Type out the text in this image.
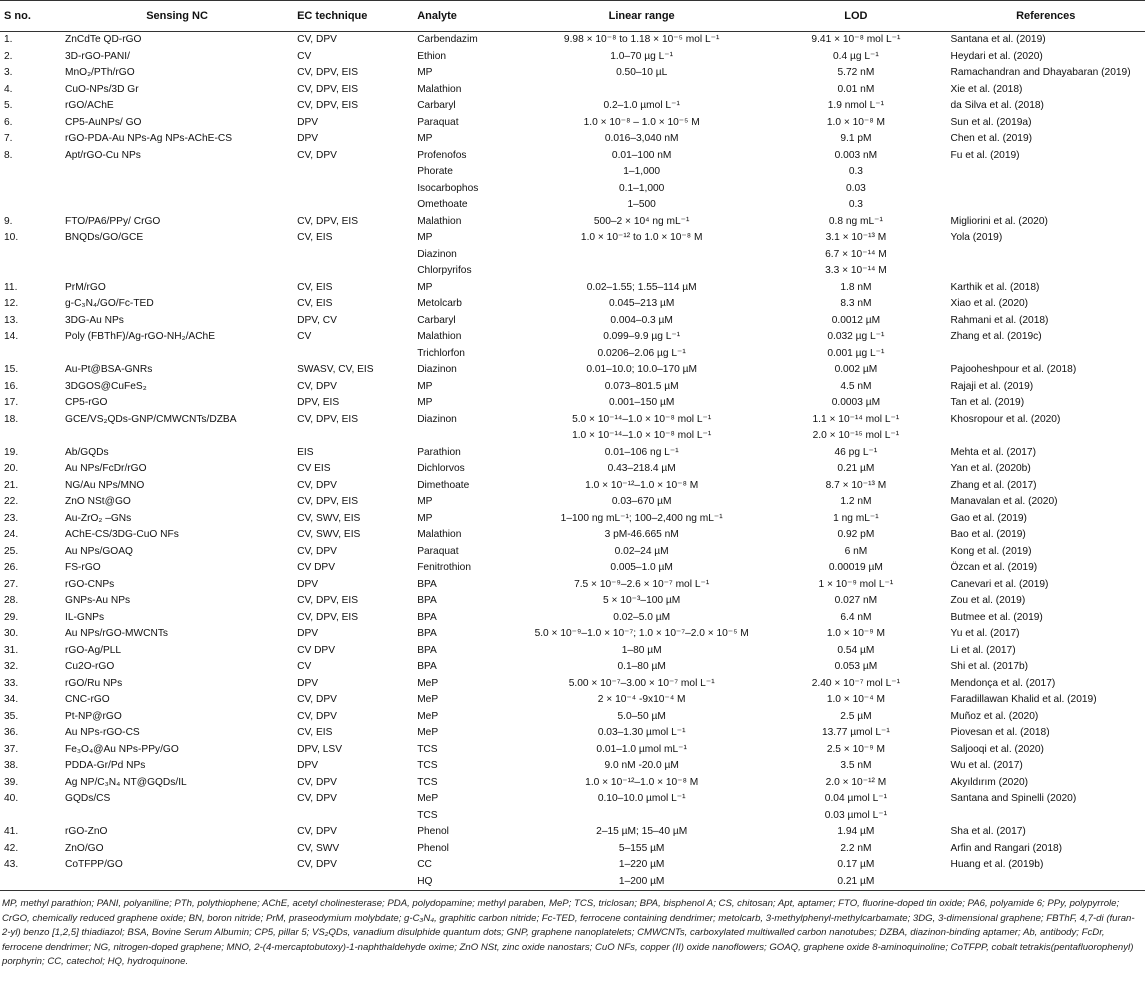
S no.	Sensing NC	EC technique	Analyte	Linear range	LOD	References
1.	ZnCdTe QD-rGO	CV, DPV	Carbendazim	9.98 × 10⁻⁸ to 1.18 × 10⁻⁵ mol L⁻¹	9.41 × 10⁻⁸ mol L⁻¹	Santana et al. (2019)
2.	3D-rGO-PANI/	CV	Ethion	1.0–70 µg L⁻¹	0.4 µg L⁻¹	Heydari et al. (2020)
3.	MnO₂/PTh/rGO	CV, DPV, EIS	MP	0.50–10 µL	5.72 nM	Ramachandran and Dhayabaran (2019)
4.	CuO-NPs/3D Gr	CV, DPV, EIS	Malathion		0.01 nM	Xie et al. (2018)
5.	rGO/AChE	CV, DPV, EIS	Carbaryl	0.2–1.0 µmol L⁻¹	1.9 nmol L⁻¹	da Silva et al. (2018)
6.	CP5-AuNPs/ GO	DPV	Paraquat	1.0 × 10⁻⁸ – 1.0 × 10⁻⁵ M	1.0 × 10⁻⁸ M	Sun et al. (2019a)
7.	rGO-PDA-Au NPs-Ag NPs-AChE-CS	DPV	MP	0.016–3,040 nM	9.1 pM	Chen et al. (2019)
8.	Apt/rGO-Cu NPs	CV, DPV	Profenofos	0.01–100 nM	0.003 nM	Fu et al. (2019)
			Phorate	1–1,000	0.3	
			Isocarbophos	0.1–1,000	0.03	
			Omethoate	1–500	0.3	
9.	FTO/PA6/PPy/ CrGO	CV, DPV, EIS	Malathion	500–2 × 10⁴ ng mL⁻¹	0.8 ng mL⁻¹	Migliorini et al. (2020)
10.	BNQDs/GO/GCE	CV, EIS	MP	1.0 × 10⁻¹² to 1.0 × 10⁻⁸ M	3.1 × 10⁻¹³ M	Yola (2019)
			Diazinon		6.7 × 10⁻¹⁴ M	
			Chlorpyrifos		3.3 × 10⁻¹⁴ M	
11.	PrM/rGO	CV, EIS	MP	0.02–1.55; 1.55–114 µM	1.8 nM	Karthik et al. (2018)
12.	g-C₃N₄/GO/Fc-TED	CV, EIS	Metolcarb	0.045–213 µM	8.3 nM	Xiao et al. (2020)
13.	3DG-Au NPs	DPV, CV	Carbaryl	0.004–0.3 µM	0.0012 µM	Rahmani et al. (2018)
14.	Poly (FBThF)/Ag-rGO-NH₂/AChE	CV	Malathion	0.099–9.9 µg L⁻¹	0.032 µg L⁻¹	Zhang et al. (2019c)
			Trichlorfon	0.0206–2.06 µg L⁻¹	0.001 µg L⁻¹	
15.	Au-Pt@BSA-GNRs	SWASV, CV, EIS	Diazinon	0.01–10.0; 10.0–170 µM	0.002 µM	Pajooheshpour et al. (2018)
16.	3DGOS@CuFeS₂	CV, DPV	MP	0.073–801.5 µM	4.5 nM	Rajaji et al. (2019)
17.	CP5-rGO	DPV, EIS	MP	0.001–150 µM	0.0003 µM	Tan et al. (2019)
18.	GCE/VS₂QDs-GNP/CMWCNTs/DZBA	CV, DPV, EIS	Diazinon	5.0 × 10⁻¹⁴–1.0 × 10⁻⁸ mol L⁻¹	1.1 × 10⁻¹⁴ mol L⁻¹	Khosropour et al. (2020)
				1.0 × 10⁻¹⁴–1.0 × 10⁻⁸ mol L⁻¹	2.0 × 10⁻¹⁵ mol L⁻¹	
19.	Ab/GQDs	EIS	Parathion	0.01–106 ng L⁻¹	46 pg L⁻¹	Mehta et al. (2017)
20.	Au NPs/FcDr/rGO	CV EIS	Dichlorvos	0.43–218.4 µM	0.21 µM	Yan et al. (2020b)
21.	NG/Au NPs/MNO	CV, DPV	Dimethoate	1.0 × 10⁻¹²–1.0 × 10⁻⁸ M	8.7 × 10⁻¹³ M	Zhang et al. (2017)
22.	ZnO NSt@GO	CV, DPV, EIS	MP	0.03–670 µM	1.2 nM	Manavalan et al. (2020)
23.	Au-ZrO₂ –GNs	CV, SWV, EIS	MP	1–100 ng mL⁻¹; 100–2,400 ng mL⁻¹	1 ng mL⁻¹	Gao et al. (2019)
24.	AChE-CS/3DG-CuO NFs	CV, SWV, EIS	Malathion	3 pM-46.665 nM	0.92 pM	Bao et al. (2019)
25.	Au NPs/GOAQ	CV, DPV	Paraquat	0.02–24 µM	6 nM	Kong et al. (2019)
26.	FS-rGO	CV DPV	Fenitrothion	0.005–1.0 µM	0.00019 µM	Özcan et al. (2019)
27.	rGO-CNPs	DPV	BPA	7.5 × 10⁻⁹–2.6 × 10⁻⁷ mol L⁻¹	1 × 10⁻⁹ mol L⁻¹	Canevari et al. (2019)
28.	GNPs-Au NPs	CV, DPV, EIS	BPA	5 × 10⁻³–100 µM	0.027 nM	Zou et al. (2019)
29.	IL-GNPs	CV, DPV, EIS	BPA	0.02–5.0 µM	6.4 nM	Butmee et al. (2019)
30.	Au NPs/rGO-MWCNTs	DPV	BPA	5.0 × 10⁻⁹–1.0 × 10⁻⁷; 1.0 × 10⁻⁷–2.0 × 10⁻⁵ M	1.0 × 10⁻⁹ M	Yu et al. (2017)
31.	rGO-Ag/PLL	CV DPV	BPA	1–80 µM	0.54 µM	Li et al. (2017)
32.	Cu2O-rGO	CV	BPA	0.1–80 µM	0.053 µM	Shi et al. (2017b)
33.	rGO/Ru NPs	DPV	MeP	5.00 × 10⁻⁷–3.00 × 10⁻⁷ mol L⁻¹	2.40 × 10⁻⁷ mol L⁻¹	Mendonça et al. (2017)
34.	CNC-rGO	CV, DPV	MeP	2 × 10⁻⁴ -9x10⁻⁴ M	1.0 × 10⁻⁴ M	Faradillawan Khalid et al. (2019)
35.	Pt-NP@rGO	CV, DPV	MeP	5.0–50 µM	2.5 µM	Muñoz et al. (2020)
36.	Au NPs-rGO-CS	CV, EIS	MeP	0.03–1.30 µmol L⁻¹	13.77 µmol L⁻¹	Piovesan et al. (2018)
37.	Fe₃O₄@Au NPs-PPy/GO	DPV, LSV	TCS	0.01–1.0 µmol mL⁻¹	2.5 × 10⁻⁹ M	Saljooqi et al. (2020)
38.	PDDA-Gr/Pd NPs	DPV	TCS	9.0 nM -20.0 µM	3.5 nM	Wu et al. (2017)
39.	Ag NP/C₃N₄ NT@GQDs/IL	CV, DPV	TCS	1.0 × 10⁻¹²–1.0 × 10⁻⁸ M	2.0 × 10⁻¹² M	Akyıldırım (2020)
40.	GQDs/CS	CV, DPV	MeP	0.10–10.0 µmol L⁻¹	0.04 µmol L⁻¹	Santana and Spinelli (2020)
			TCS		0.03 µmol L⁻¹	
41.	rGO-ZnO	CV, DPV	Phenol	2–15 µM; 15–40 µM	1.94 µM	Sha et al. (2017)
42.	ZnO/GO	CV, SWV	Phenol	5–155 µM	2.2 nM	Arfin and Rangari (2018)
43.	CoTFPP/GO	CV, DPV	CC	1–220 µM	0.17 µM	Huang et al. (2019b)
			HQ	1–200 µM	0.21 µM	
MP, methyl parathion; PANI, polyaniline; PTh, polythiophene; AChE, acetyl cholinesterase; PDA, polydopamine; methyl paraben, MeP; TCS, triclosan; BPA, bisphenol A; CS, chitosan; Apt, aptamer; FTO, fluorine-doped tin oxide; PA6, polyamide 6; PPy, polypyrrole; CrGO, chemically reduced graphene oxide; BN, boron nitride; PrM, praseodymium molybdate; g-C₃N₄, graphitic carbon nitride; Fc-TED, ferrocene containing dendrimer; metolcarb, 3-methylphenyl-methylcarbamate; 3DG, 3-dimensional graphene; FBThF, 4,7-di (furan-2-yl) benzo [1,2,5] thiadiazol; BSA, Bovine Serum Albumin; CP5, pillar 5; VS₂QDs, vanadium disulphide quantum dots; GNP, graphene nanoplatelets; CMWCNTs, carboxylated multiwalled carbon nanotubes; DZBA, diazinon-binding aptamer; Ab, antibody; FcDr, ferrocene dendrimer; NG, nitrogen-doped graphene; MNO, 2-(4-mercaptobutoxy)-1-naphthaldehyde oxime; ZnO NSt, zinc oxide nanostars; CuO NFs, copper (II) oxide nanoflowers; GOAQ, graphene oxide 8-aminoquinoline; CoTFPP, cobalt tetrakis(pentafluorophenyl) porphyrin; CC, catechol; HQ, hydroquinone.
